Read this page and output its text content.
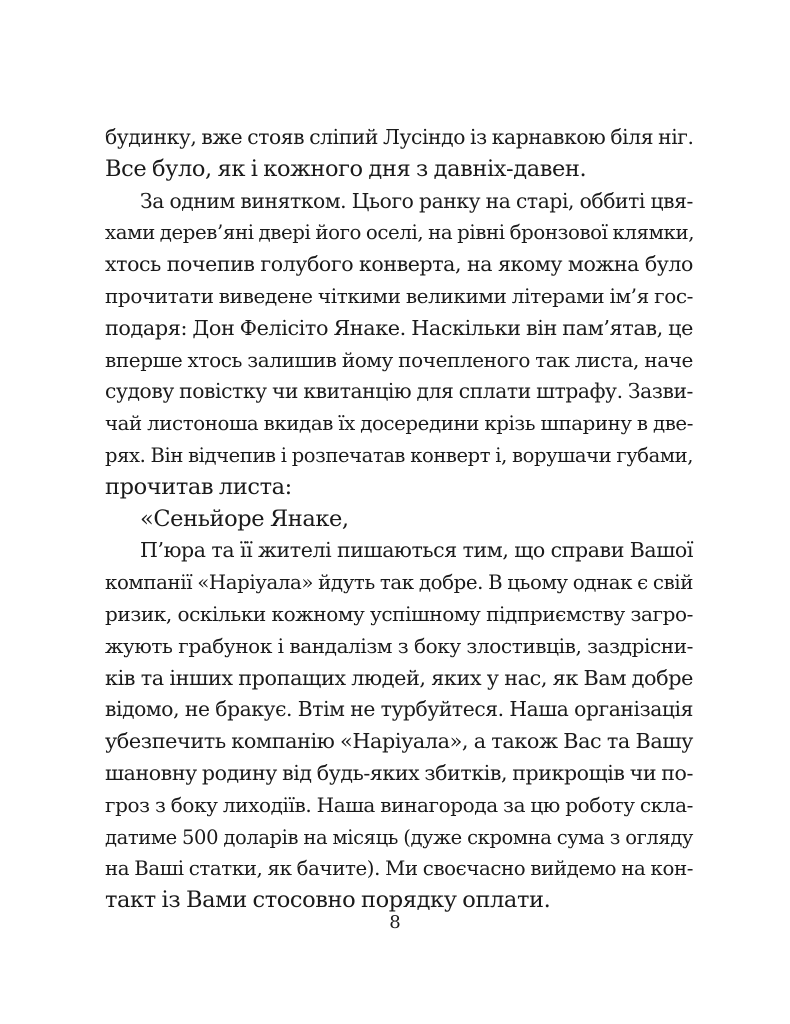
будинку, вже стояв сліпий Лусіндо із карнавкою біля ніг.
Все було, як і кожного дня з давніх-давен.
За одним винятком. Цього ранку на старі, оббиті цвя-
хами дерев’яні двері його оселі, на рівні бронзової клямки,
хтось почепив голубого конверта, на якому можна було
прочитати виведене чіткими великими літерами ім’я гос-
подаря: Дон Фелісіто Янаке. Наскільки він пам’ятав, це
вперше хтось залишив йому почепленого так листа, наче
судову повістку чи квитанцію для сплати штрафу. Зазви-
чай листоноша вкидав їх досередини крізь шпарину в две-
рях. Він відчепив і розпечатав конверт і, ворушачи губами,
прочитав листа:
«Сеньйоре Янаке,
П’юра та її жителі пишаються тим, що справи Вашої
компанії «Наріуала» йдуть так добре. В цьому однак є свій
ризик, оскільки кожному успішному підприємству загро-
жують грабунок і вандалізм з боку злостивців, заздрісни-
ків та інших пропащих людей, яких у нас, як Вам добре
відомо, не бракує. Втім не турбуйтеся. Наша організація
убезпечить компанію «Наріуала», а також Вас та Вашу
шановну родину від будь-яких збитків, прикрощів чи по-
гроз з боку лиходіїв. Наша винагорода за цю роботу скла-
датиме 500 доларів на місяць (дуже скромна сума з огляду
на Ваші статки, як бачите). Ми своєчасно вийдемо на кон-
такт із Вами стосовно порядку оплати.
8
